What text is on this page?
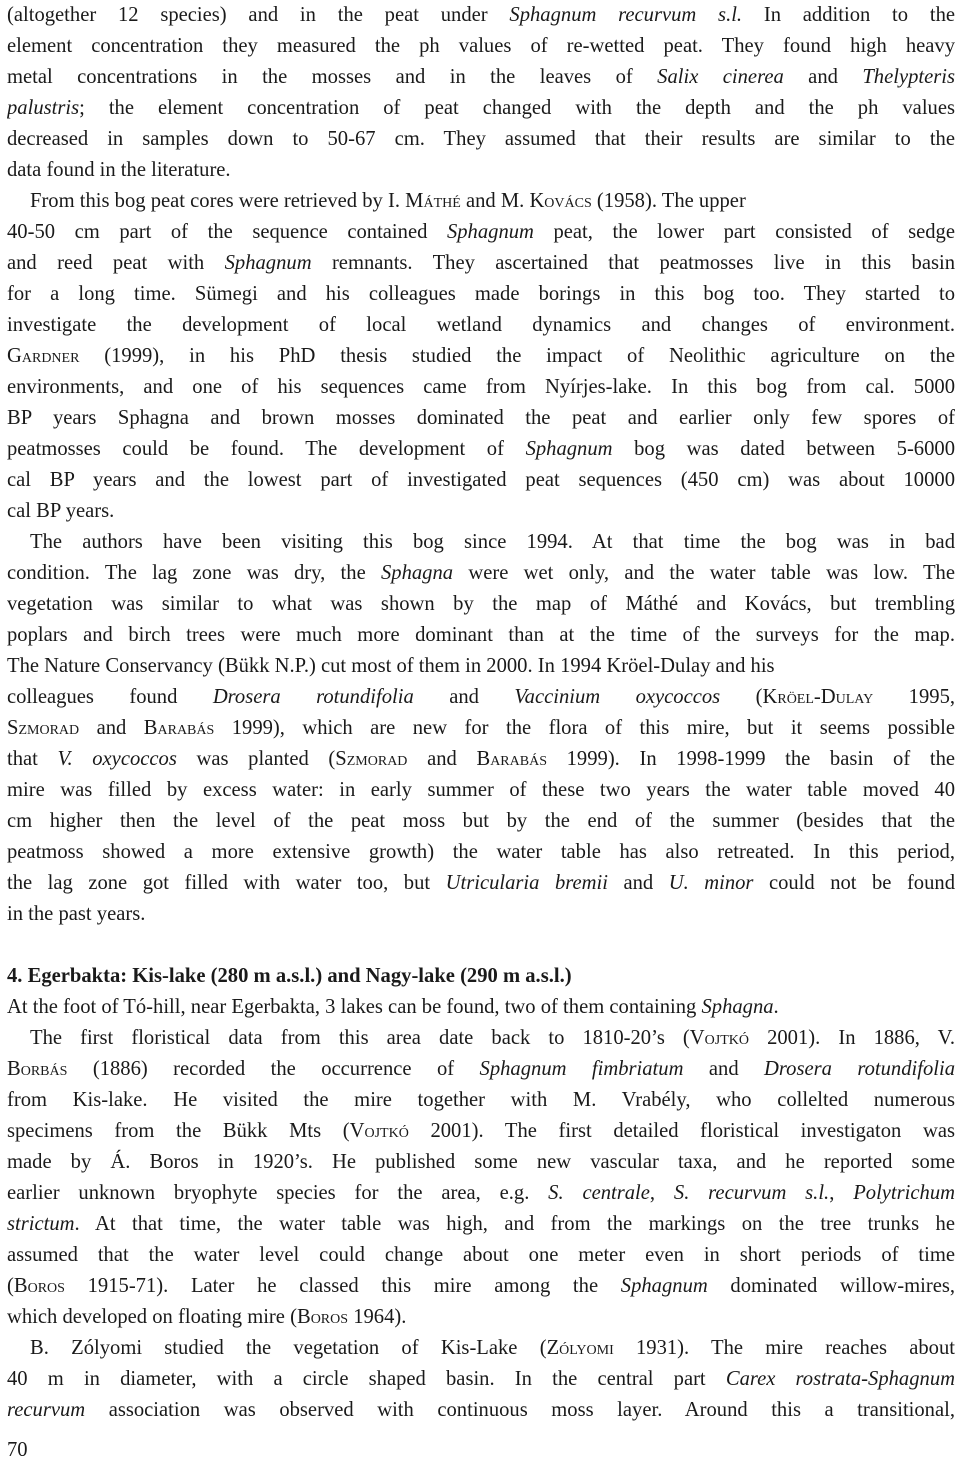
(altogether 12 species) and in the peat under Sphagnum recurvum s.l. In addition to the
element concentration they measured the ph values of re-wetted peat. They found high heavy
metal concentrations in the mosses and in the leaves of Salix cinerea and Thelypteris
palustris; the element concentration of peat changed with the depth and the ph values
decreased in samples down to 50-67 cm. They assumed that their results are similar to the
data found in the literature.
From this bog peat cores were retrieved by I. Máthé and M. Kovács (1958). The upper
40-50 cm part of the sequence contained Sphagnum peat, the lower part consisted of sedge
and reed peat with Sphagnum remnants. They ascertained that peatmosses live in this basin
for a long time. Sümegi and his colleagues made borings in this bog too. They started to
investigate the development of local wetland dynamics and changes of environment.
Gardner (1999), in his PhD thesis studied the impact of Neolithic agriculture on the
environments, and one of his sequences came from Nyírjes-lake. In this bog from cal. 5000
BP years Sphagna and brown mosses dominated the peat and earlier only few spores of
peatmosses could be found. The development of Sphagnum bog was dated between 5-6000
cal BP years and the lowest part of investigated peat sequences (450 cm) was about 10000
cal BP years.
The authors have been visiting this bog since 1994. At that time the bog was in bad
condition. The lag zone was dry, the Sphagna were wet only, and the water table was low. The
vegetation was similar to what was shown by the map of Máthé and Kovács, but trembling
poplars and birch trees were much more dominant than at the time of the surveys for the map.
The Nature Conservancy (Bükk N.P.) cut most of them in 2000. In 1994 Kröel-Dulay and his
colleagues found Drosera rotundifolia and Vaccinium oxycoccos (Kröel-Dulay 1995,
Szmorad and Barabás 1999), which are new for the flora of this mire, but it seems possible
that V. oxycoccos was planted (Szmorad and Barabás 1999). In 1998-1999 the basin of the
mire was filled by excess water: in early summer of these two years the water table moved 40
cm higher then the level of the peat moss but by the end of the summer (besides that the
peatmoss showed a more extensive growth) the water table has also retreated. In this period,
the lag zone got filled with water too, but Utricularia bremii and U. minor could not be found
in the past years.
4. Egerbakta: Kis-lake (280 m a.s.l.) and Nagy-lake (290 m a.s.l.)
At the foot of Tó-hill, near Egerbakta, 3 lakes can be found, two of them containing Sphagna.
The first floristical data from this area date back to 1810-20’s (Vojtkó 2001). In 1886, V.
Borbás (1886) recorded the occurrence of Sphagnum fimbriatum and Drosera rotundifolia
from Kis-lake. He visited the mire together with M. Vrabély, who collelted numerous
specimens from the Bükk Mts (Vojtkó 2001). The first detailed floristical investigaton was
made by Á. Boros in 1920’s. He published some new vascular taxa, and he reported some
earlier unknown bryophyte species for the area, e.g. S. centrale, S. recurvum s.l., Polytrichum
strictum. At that time, the water table was high, and from the markings on the tree trunks he
assumed that the water level could change about one meter even in short periods of time
(Boros 1915-71). Later he classed this mire among the Sphagnum dominated willow-mires,
which developed on floating mire (Boros 1964).
B. Zólyomi studied the vegetation of Kis-Lake (Zólyomi 1931). The mire reaches about
40 m in diameter, with a circle shaped basin. In the central part Carex rostrata-Sphagnum
recurvum association was observed with continuous moss layer. Around this a transitional,
70
